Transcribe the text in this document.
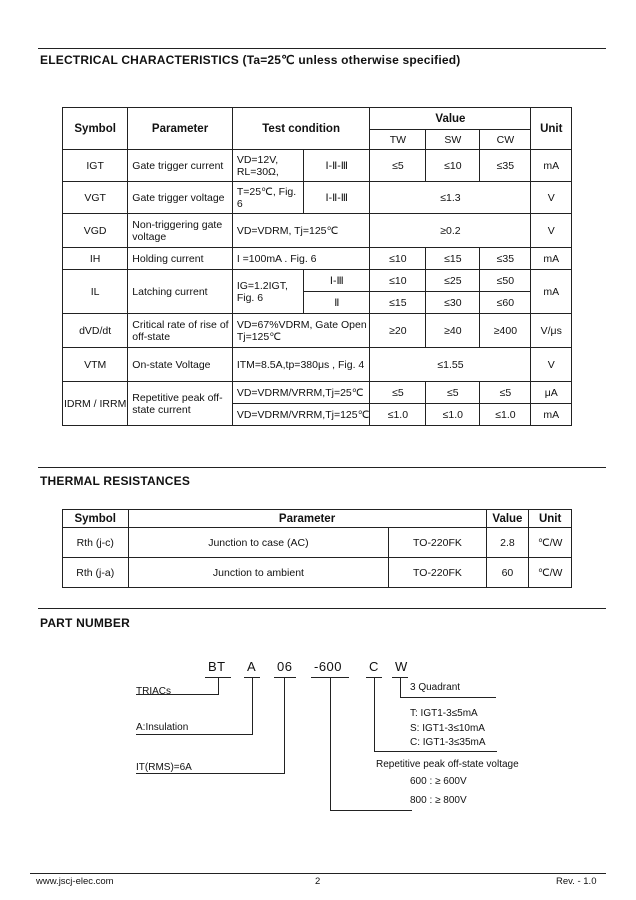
ELECTRICAL CHARACTERISTICS (Ta=25℃ unless otherwise specified)
Symbol	Parameter	Test condition		Value			Unit
				TW	SW	CW	
IGT	Gate trigger current	VD=12V, RL=30Ω,	Ⅰ-Ⅱ-Ⅲ	≤5	≤10	≤35	mA
VGT	Gate trigger voltage	T=25℃, Fig. 6	Ⅰ-Ⅱ-Ⅲ	≤1.3			V
VGD	Non-triggering gate voltage	VD=VDRM, Tj=125℃		≥0.2			V
IH	Holding current	I =100mA . Fig. 6		≤10	≤15	≤35	mA
IL	Latching current	IG=1.2IGT, Fig. 6	Ⅰ-Ⅲ	≤10	≤25	≤50	mA
			Ⅱ	≤15	≤30	≤60	
dVD/dt	Critical rate of rise of off-state	VD=67%VDRM, Gate Open Tj=125℃		≥20	≥40	≥400	V/μs
VTM	On-state Voltage	ITM=8.5A,tp=380μs , Fig. 4		≤1.55			V
IDRM / IRRM	Repetitive peak off-state current	VD=VDRM/VRRM,Tj=25℃		≤5	≤5	≤5	μA
		VD=VDRM/VRRM,Tj=125℃		≤1.0	≤1.0	≤1.0	mA
THERMAL RESISTANCES
Symbol	Parameter		Value	Unit
Rth (j-c)	Junction to case (AC)	TO-220FK	2.8	℃/W
Rth (j-a)	Junction to ambient	TO-220FK	60	℃/W
PART NUMBER
BT A 06 -600 C W
TRIACs
A:Insulation
IT(RMS)=6A
3 Quadrant
T: IGT1-3≤5mA
S: IGT1-3≤10mA
C: IGT1-3≤35mA
Repetitive peak off-state voltage
600 : ≥ 600V
800 : ≥ 800V
www.jscj-elec.com	2	Rev. - 1.0
